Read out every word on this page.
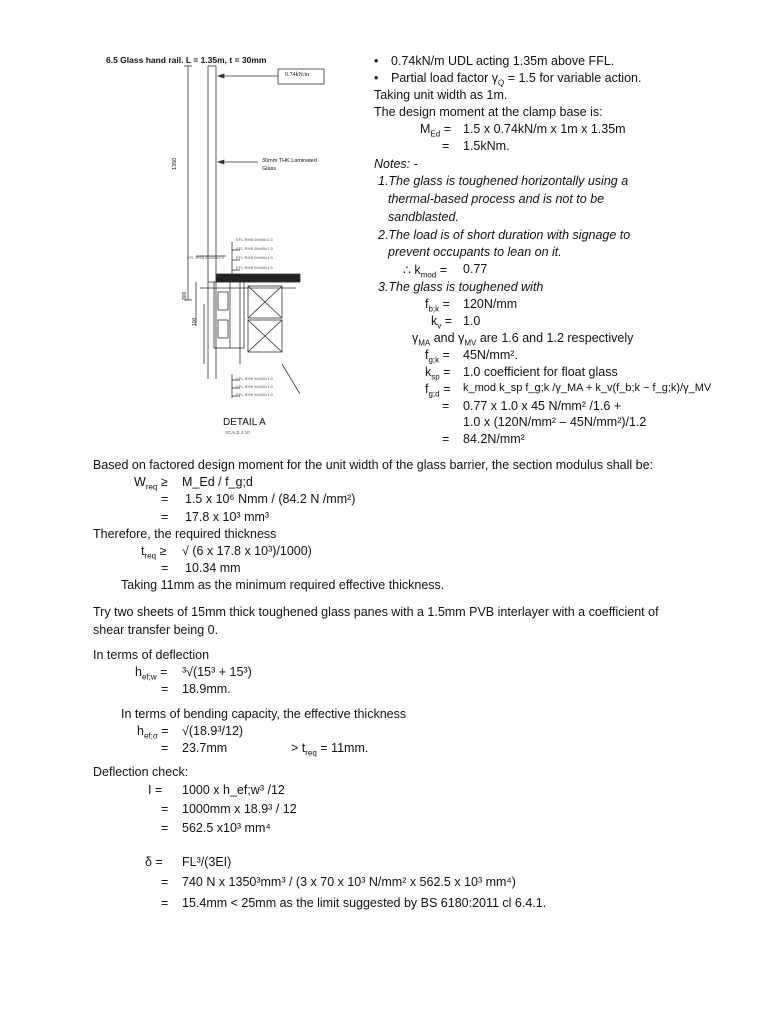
6.5 Glass hand rail. L = 1.35m, t = 30mm
0.74kN/m
30mm THK Laminated
Glass
1350
300
100
EFL-RHB 50x50x1.5
EFL-RHB 50x50x1.5
EFL-RHB 50x50x1.5
EFL-RHB 50x50x1.5
EFL-RHB 50x50x1.5
EFL-RHB 50x50x1.5
EFL-RHB 50x50x1.5
EFL-RHB 50x50x1.5
DETAIL A
SCALE 1:10
• 0.74kN/m UDL acting 1.35m above FFL.
• Partial load factor $\gamma_Q = 1.5$ for variable action.
Taking unit width as 1m.
The design moment at the clamp base is:
$M_{Ed} = 1.5$ x 0.74kN/m x 1m x 1.35m
= 1.5kNm.
Notes: -
1.The glass is toughened horizontally using a
thermal-based process and is not to be
sandblasted.
2.The load is of short duration with signage to
prevent occupants to lean on it.
∴ $k_{mod} = 0.77$
3.The glass is toughened with
$f_{b;k} = 120N/mm$
$k_v = 1.0$
$\gamma_{MA}$ and $\gamma_{MV}$ are 1.6 and 1.2 respectively
$f_{g;k} = 45N/mm^2$.
$k_{sp} = 1.0$ coefficient for float glass
$f_{g;d}$ = k_mod k_sp f_g;k /γ_MA + k_v(f_b;k − f_g;k)/γ_MV
= 0.77 x 1.0 x 45 N/mm² /1.6 +
1.0 x (120N/mm² – 45N/mm²)/1.2
= 84.2N/mm²
Based on factored design moment for the unit width of the glass barrier, the section modulus shall be:
$W_{req}$ ≥ M_Ed / f_g;d
= 1.5 x 10⁶ Nmm / (84.2 N /mm²)
= 17.8 x 10³ mm³
Therefore, the required thickness
$t_{req}$ ≥ √ (6 x 17.8 x 10³)/1000)
= 10.34 mm
Taking 11mm as the minimum required effective thickness.
Try two sheets of 15mm thick toughened glass panes with a 1.5mm PVB interlayer with a coefficient of
shear transfer being 0.
In terms of deflection
$h_{ef;w} = ^3√(15^3 + 15^3)$
= 18.9mm.
In terms of bending capacity, the effective thickness
$h_{ef;\sigma} = √(18.9^3/12)$
= 23.7mm	> $t_{req} = 11mm$.
Deflection check:
I = 1000 x h_ef;w³ /12
= 1000mm x 18.9³ / 12
= 562.5 x10³ mm⁴
δ = FL³/(3EI)
= 740 N x 1350³mm³ / (3 x 70 x 10³ N/mm² x 562.5 x 10³ mm⁴)
= 15.4mm < 25mm as the limit suggested by BS 6180:2011 cl 6.4.1.
